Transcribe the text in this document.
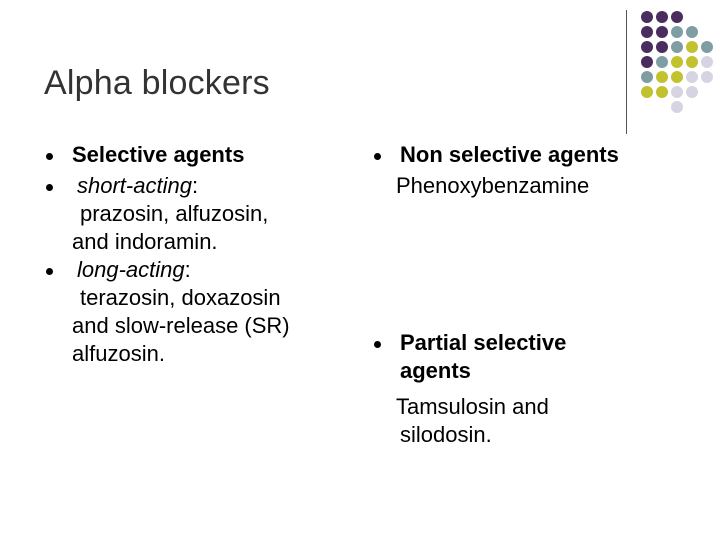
Alpha blockers
Selective agents
short-acting:
prazosin, alfuzosin,
and indoramin.
long-acting:
terazosin, doxazosin
and slow-release (SR)
alfuzosin.
Non selective agents
Phenoxybenzamine
Partial selective
agents
Tamsulosin and
silodosin.
